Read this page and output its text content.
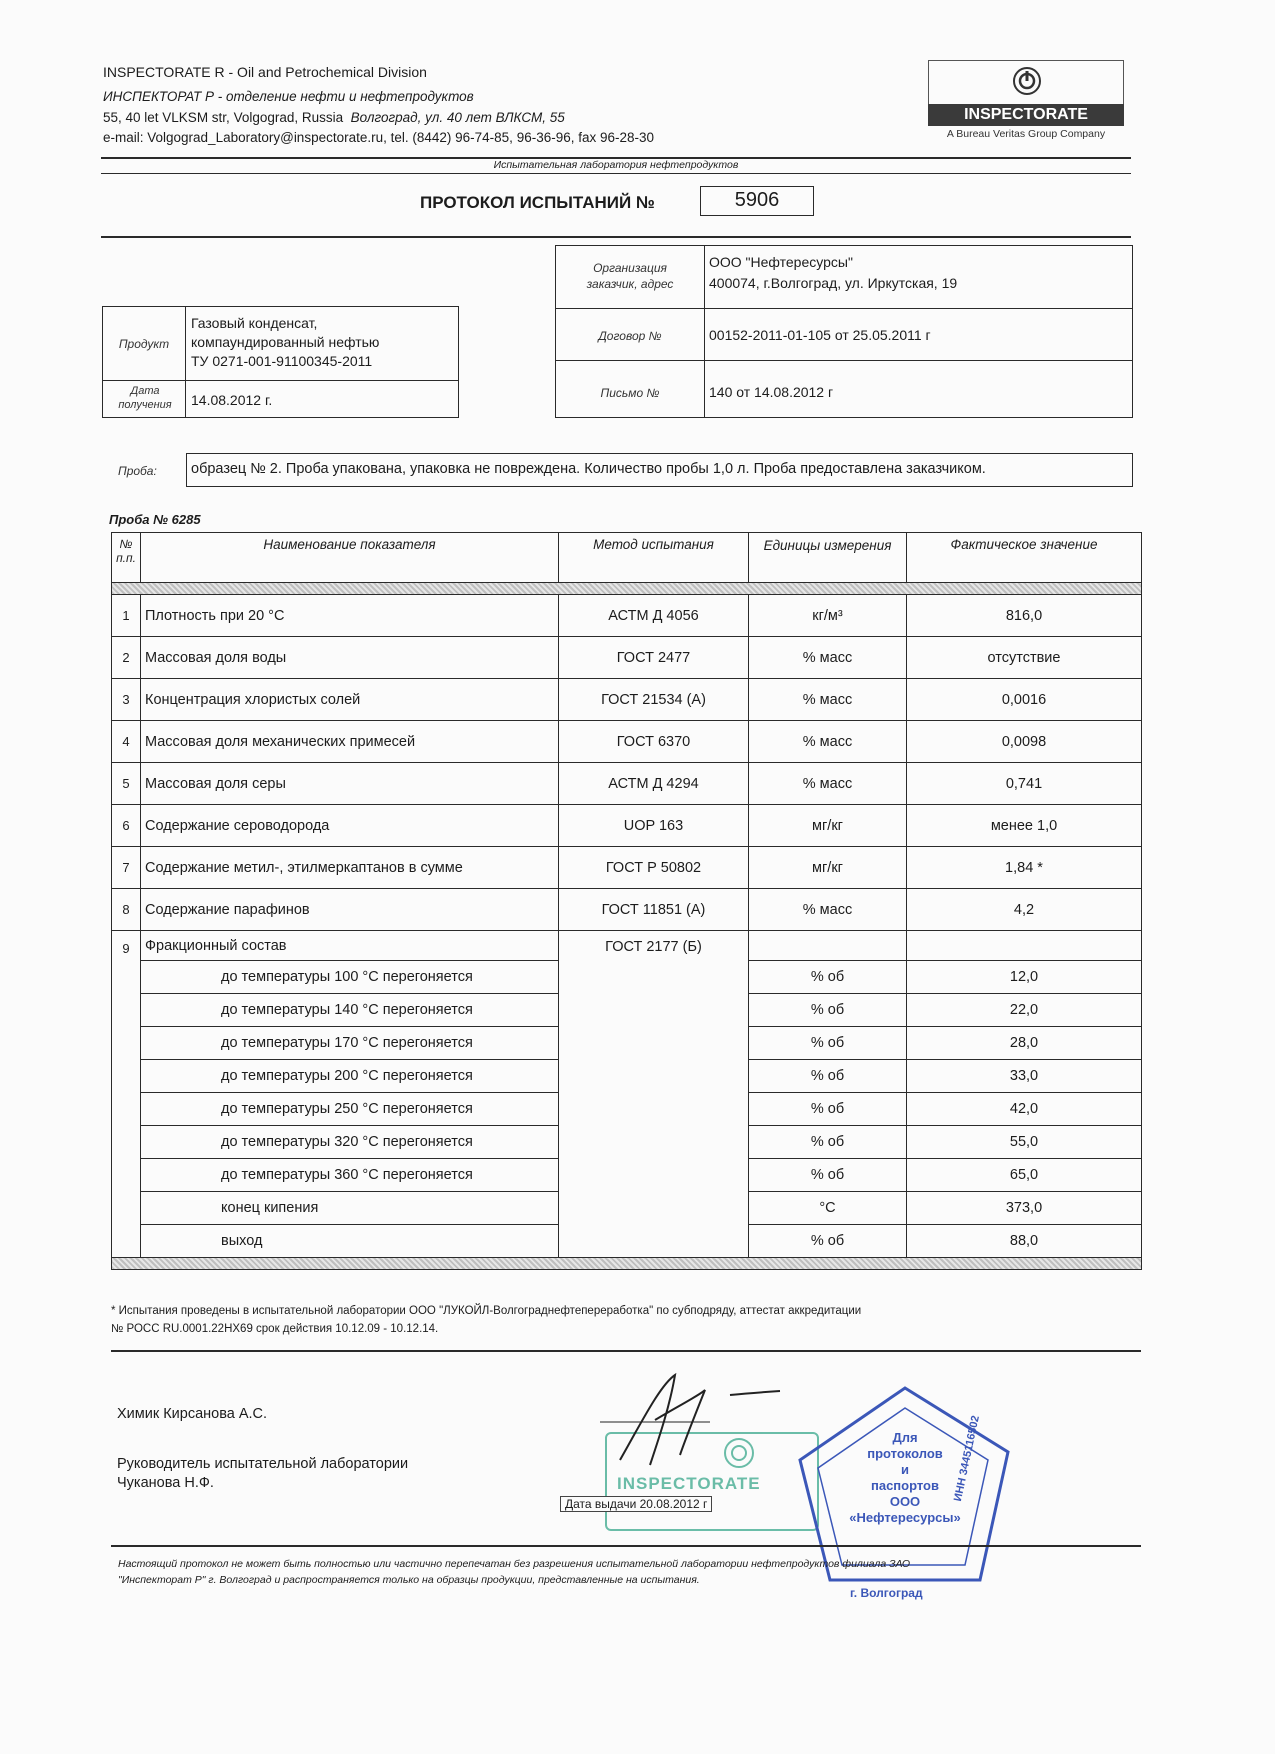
INSPECTORATE R - Oil and Petrochemical Division
ИНСПЕКТОРАТ Р - отделение нефти и нефтепродуктов
55, 40 let VLKSM str, Volgograd, Russia Волгоград, ул. 40 лет ВЛКСМ, 55
e-mail: Volgograd_Laboratory@inspectorate.ru, tel. (8442) 96-74-85, 96-36-96, fax 96-28-30
INSPECTORATE
A Bureau Veritas Group Company
Испытательная лаборатория нефтепродуктов
ПРОТОКОЛ ИСПЫТАНИЙ №	5906
Организация заказчик, адрес
ООО "Нефтересурсы"
400074, г.Волгоград, ул. Иркутская, 19
Договор №	00152-2011-01-105 от 25.05.2011 г
Письмо №	140 от 14.08.2012 г
Продукт
Газовый конденсат,
компаундированный нефтью
ТУ 0271-001-91100345-2011
Дата получения	14.08.2012 г.
Проба: образец № 2. Проба упакована, упаковка не повреждена. Количество пробы 1,0 л. Проба предоставлена заказчиком.
Проба № 6285
№ п.п.	Наименование показателя	Метод испытания	Единицы измерения	Фактическое значение

1	Плотность при 20 °С	АСТМ Д 4056	кг/м³	816,0
2	Массовая доля воды	ГОСТ 2477	% масс	отсутствие
3	Концентрация хлористых солей	ГОСТ 21534 (А)	% масс	0,0016
4	Массовая доля механических примесей	ГОСТ 6370	% масс	0,0098
5	Массовая доля серы	АСТМ Д 4294	% масс	0,741
6	Содержание сероводорода	UOP 163	мг/кг	менее 1,0
7	Содержание метил-, этилмеркаптанов в сумме	ГОСТ Р 50802	мг/кг	1,84 *
8	Содержание парафинов	ГОСТ 11851 (А)	% масс	4,2
9	Фракционный состав	ГОСТ 2177 (Б)		
	до температуры 100 °С перегоняется		% об	12,0
	до температуры 140 °С перегоняется		% об	22,0
	до температуры 170 °С перегоняется		% об	28,0
	до температуры 200 °С перегоняется		% об	33,0
	до температуры 250 °С перегоняется		% об	42,0
	до температуры 320 °С перегоняется		% об	55,0
	до температуры 360 °С перегоняется		% об	65,0
	конец кипения		°С	373,0
	выход		% об	88,0

* Испытания проведены в испытательной лаборатории ООО "ЛУКОЙЛ-Волгограднефтепереработка" по субподряду, аттестат аккредитации
№ РОСС RU.0001.22НХ69 срок действия 10.12.09 - 10.12.14.
Химик Кирсанова А.С.
Руководитель испытательной лаборатории
Чуканова Н.Ф.	INSPECTORATE
Дата выдачи 20.08.2012 г
Для
протоколов
и
паспортов
ООО
«Нефтересурсы»
г. Волгоград
ИНН 3445116502
Настоящий протокол не может быть полностью или частично перепечатан без разрешения испытательной лаборатории нефтепродуктов филиала ЗАО
"Инспекторат Р" г. Волгоград и распространяется только на образцы продукции, представленные на испытания.
